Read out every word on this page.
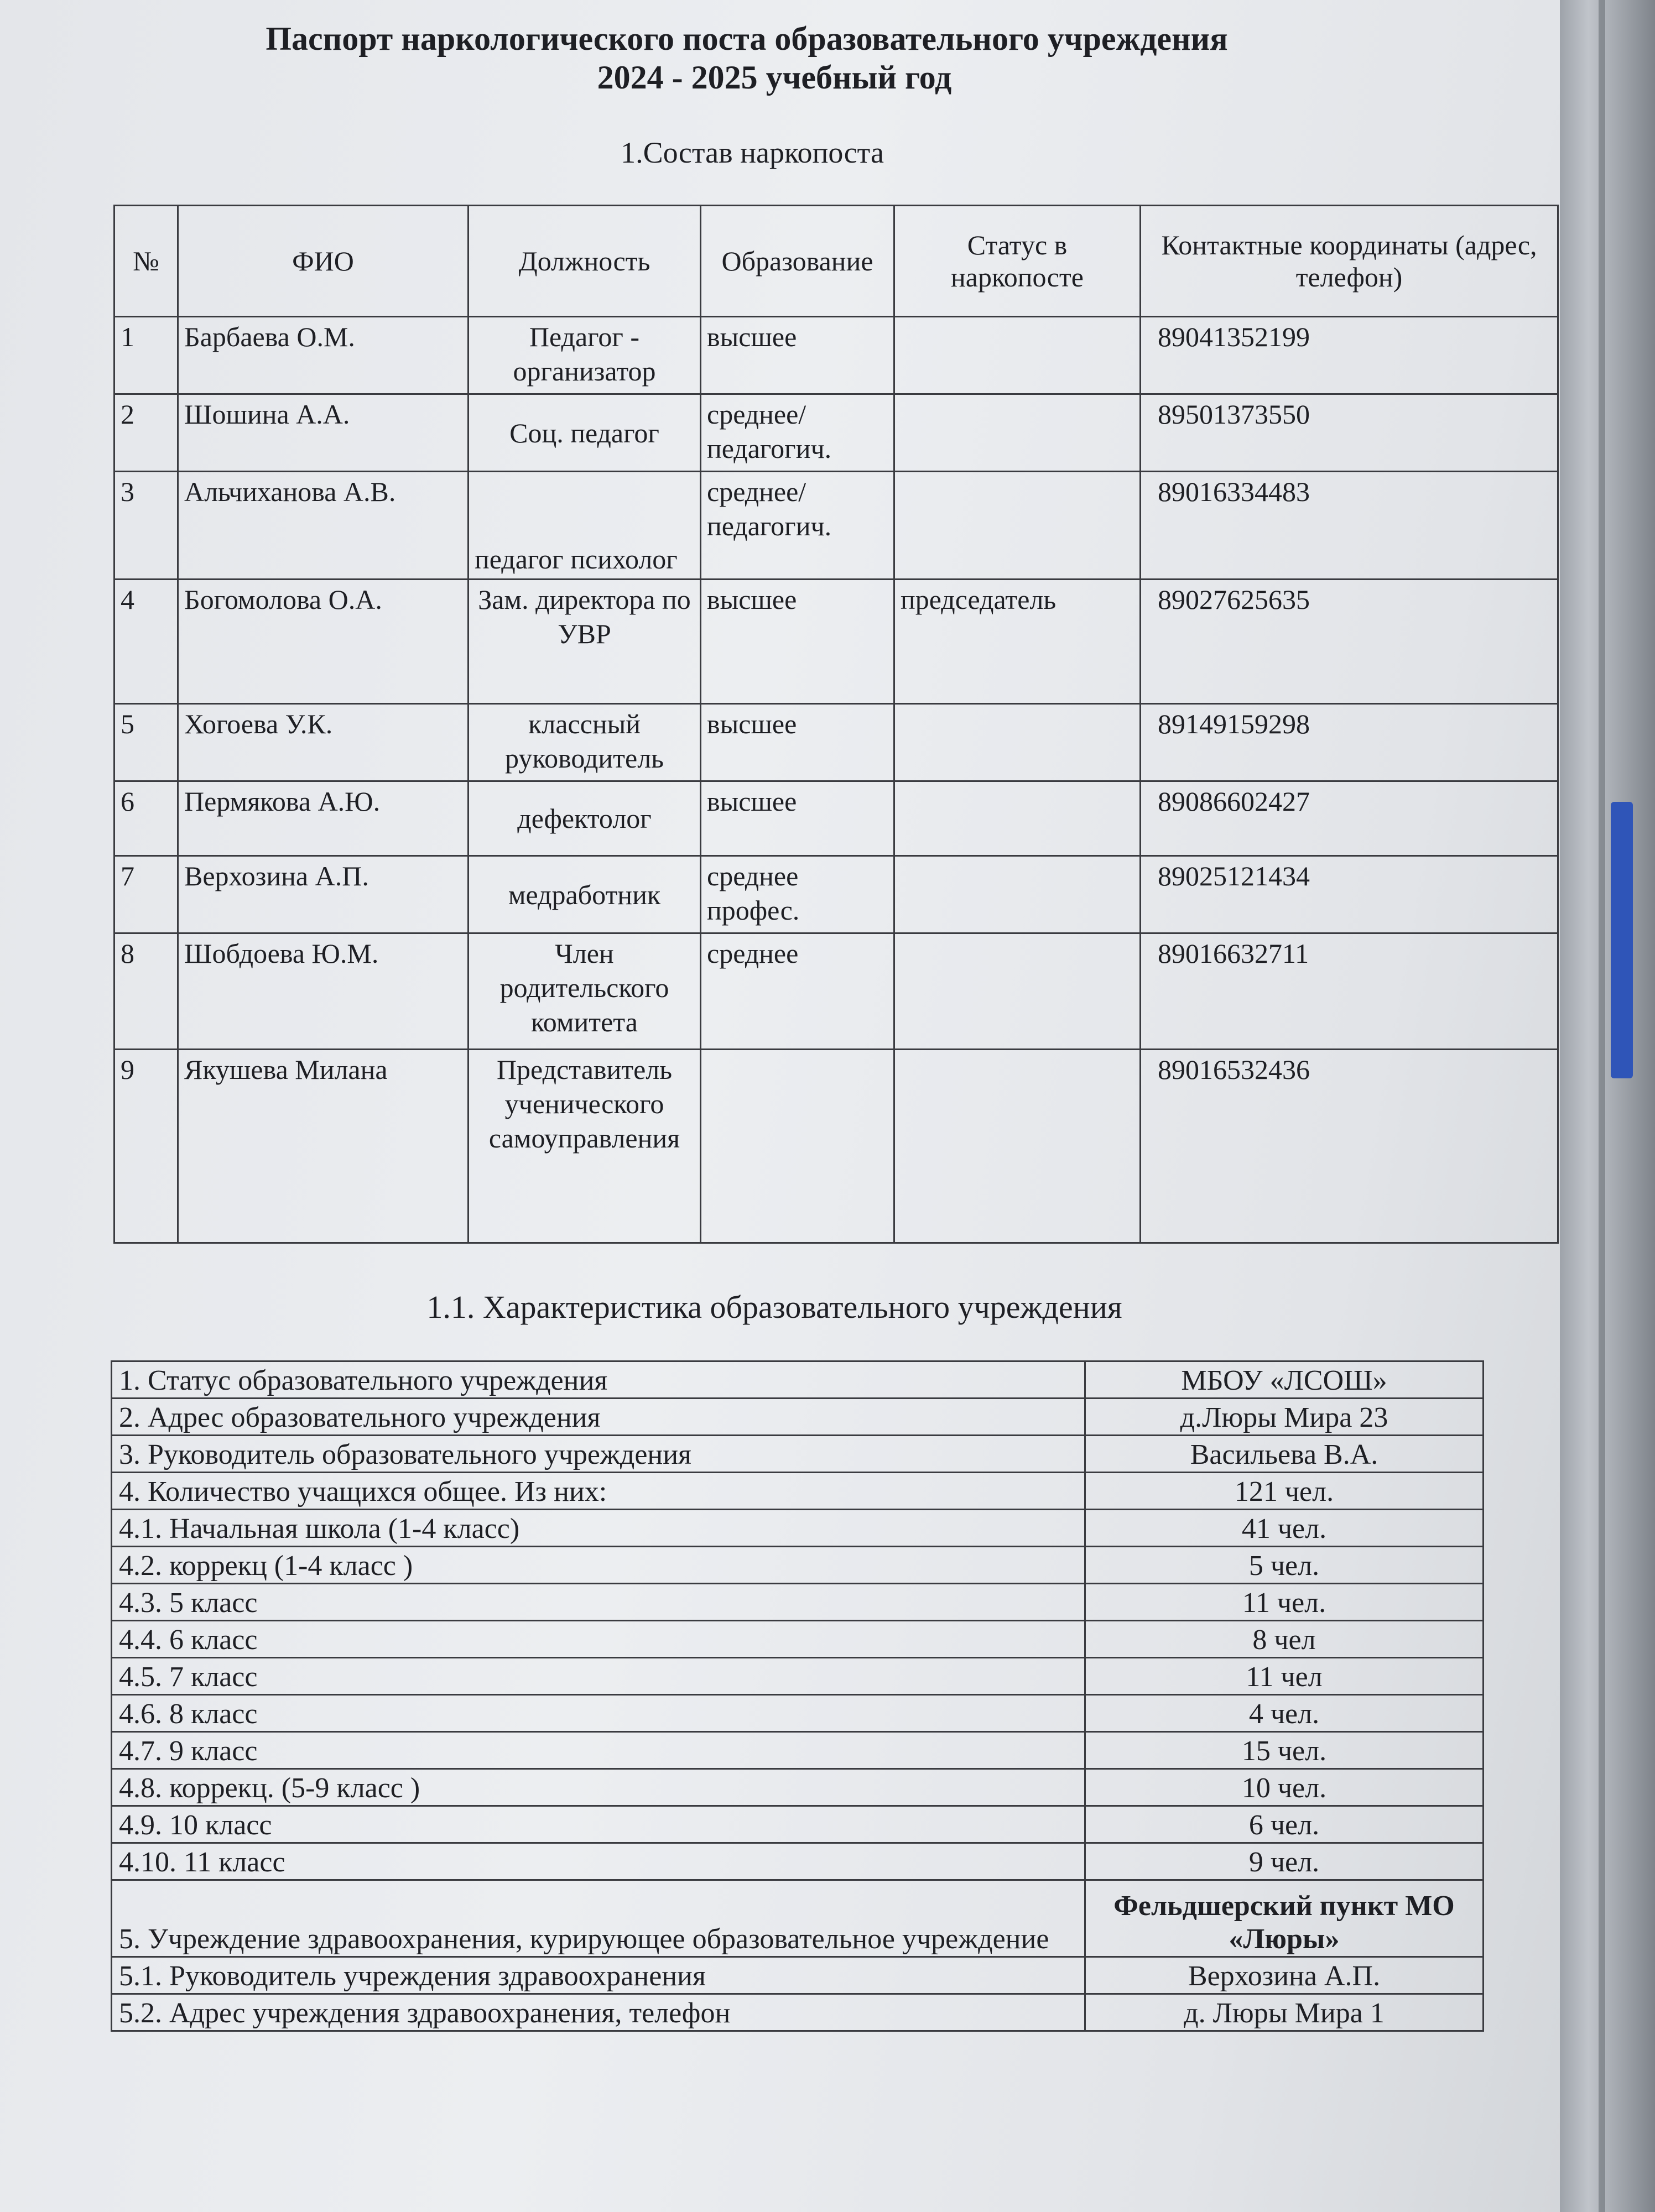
Паспорт наркологического поста образовательного учреждения
2024 - 2025 учебный год

1.Состав наркопоста

№	ФИО	Должность	Образование	Статус в наркопосте	Контактные координаты (адрес, телефон)
1	Барбаева О.М.	Педагог - организатор	высшее		89041352199
2	Шошина А.А.	Соц. педагог	среднее/ педагогич.		89501373550
3	Альчиханова А.В.	педагог психолог	среднее/ педагогич.		89016334483
4	Богомолова О.А.	Зам. директора по УВР	высшее	председатель	89027625635
5	Хогоева У.К.	классный руководитель	высшее		89149159298
6	Пермякова А.Ю.	дефектолог	высшее		89086602427
7	Верхозина А.П.	медработник	среднее профес.		89025121434
8	Шобдоева Ю.М.	Член родительского комитета	среднее		89016632711
9	Якушева Милана	Представитель ученического самоуправления			89016532436

1.1. Характеристика образовательного учреждения

1. Статус образовательного учреждения	МБОУ «ЛСОШ»
2. Адрес образовательного учреждения	д.Люры Мира 23
3. Руководитель образовательного учреждения	Васильева В.А.
4. Количество учащихся общее. Из них:	121 чел.
4.1. Начальная школа (1-4 класс)	41 чел.
4.2. коррекц (1-4 класс )	5 чел.
4.3. 5 класс	11 чел.
4.4. 6 класс	8 чел
4.5. 7 класс	11 чел
4.6. 8 класс	4 чел.
4.7. 9 класс	15 чел.
4.8. коррекц. (5-9 класс )	10 чел.
4.9. 10 класс	6 чел.
4.10. 11 класс	9 чел.
5. Учреждение здравоохранения, курирующее образовательное учреждение	Фельдшерский пункт МО «Люры»
5.1. Руководитель учреждения здравоохранения	Верхозина А.П.
5.2. Адрес учреждения здравоохранения, телефон	д. Люры Мира 1
